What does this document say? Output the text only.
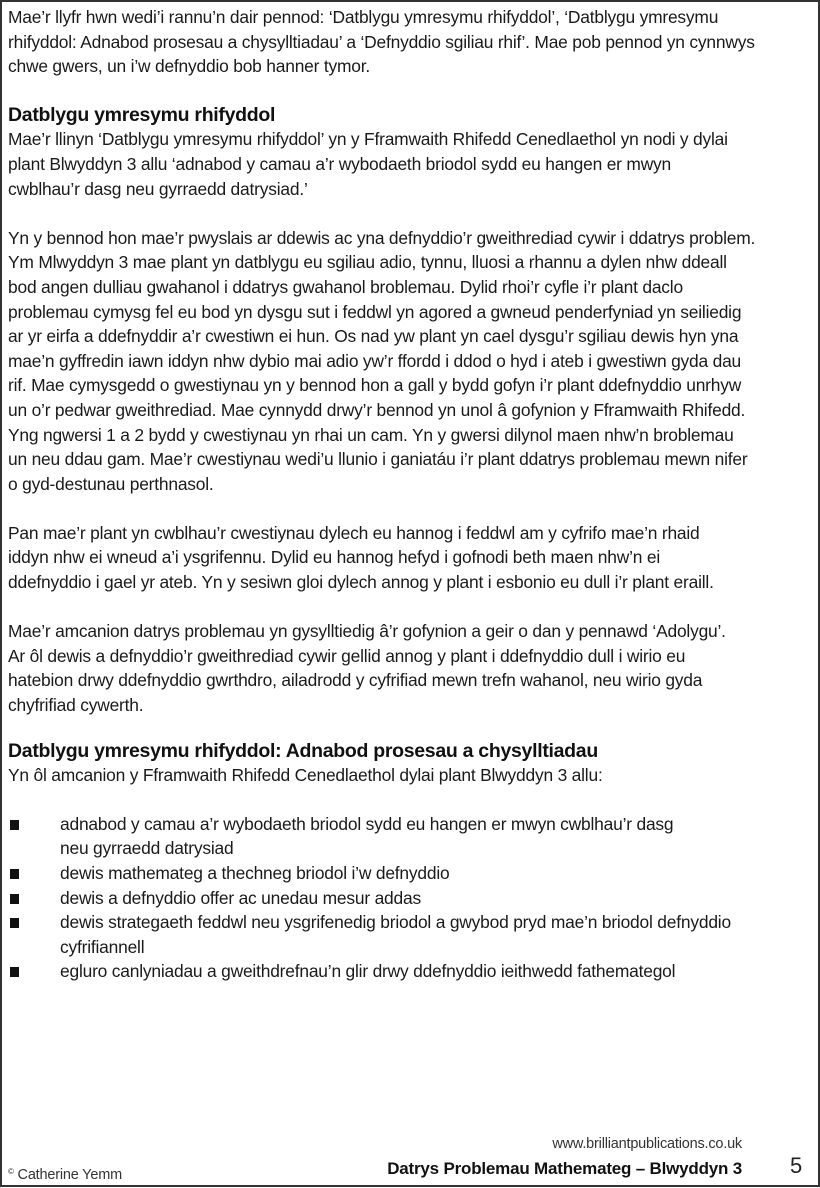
Mae’r llyfr hwn wedi’i rannu’n dair pennod: ‘Datblygu ymresymu rhifyddol’, ‘Datblygu ymresymu rhifyddol: Adnabod prosesau a chysylltiadau’ a ‘Defnyddio sgiliau rhif’. Mae pob pennod yn cynnwys chwe gwers, un i’w defnyddio bob hanner tymor.

Datblygu ymresymu rhifyddol

Mae’r llinyn ‘Datblygu ymresymu rhifyddol’ yn y Fframwaith Rhifedd Cenedlaethol yn nodi y dylai plant Blwyddyn 3 allu ‘adnabod y camau a’r wybodaeth briodol sydd eu hangen er mwyn cwblhau’r dasg neu gyrraedd datrysiad.’

Yn y bennod hon mae’r pwyslais ar ddewis ac yna defnyddio’r gweithrediad cywir i ddatrys problem. Ym Mlwyddyn 3 mae plant yn datblygu eu sgiliau adio, tynnu, lluosi a rhannu a dylen nhw ddeall bod angen dulliau gwahanol i ddatrys gwahanol broblemau. Dylid rhoi’r cyfle i’r plant daclo problemau cymysg fel eu bod yn dysgu sut i feddwl yn agored a gwneud penderfyniad yn seiliedig ar yr eirfa a ddefnyddir a’r cwestiwn ei hun. Os nad yw plant yn cael dysgu’r sgiliau dewis hyn yna mae’n gyffredin iawn iddyn nhw dybio mai adio yw’r ffordd i ddod o hyd i ateb i gwestiwn gyda dau rif. Mae cymysgedd o gwestiynau yn y bennod hon a gall y bydd gofyn i’r plant ddefnyddio unrhyw un o’r pedwar gweithrediad. Mae cynnydd drwy’r bennod yn unol â gofynion y Fframwaith Rhifedd. Yng ngwersi 1 a 2 bydd y cwestiynau yn rhai un cam. Yn y gwersi dilynol maen nhw’n broblemau un neu ddau gam. Mae’r cwestiynau wedi’u llunio i ganiatáu i’r plant ddatrys problemau mewn nifer o gyd-destunau perthnasol.

Pan mae’r plant yn cwblhau’r cwestiynau dylech eu hannog i feddwl am y cyfrifo mae’n rhaid iddyn nhw ei wneud a’i ysgrifennu. Dylid eu hannog hefyd i gofnodi beth maen nhw’n ei ddefnyddio i gael yr ateb. Yn y sesiwn gloi dylech annog y plant i esbonio eu dull i’r plant eraill.

Mae’r amcanion datrys problemau yn gysylltiedig â’r gofynion a geir o dan y pennawd ‘Adolygu’. Ar ôl dewis a defnyddio’r gweithrediad cywir gellid annog y plant i ddefnyddio dull i wirio eu hatebion drwy ddefnyddio gwrthdro, ailadrodd y cyfrifiad mewn trefn wahanol, neu wirio gyda chyfrifiad cywerth.

Datblygu ymresymu rhifyddol: Adnabod prosesau a chysylltiadau

Yn ôl amcanion y Fframwaith Rhifedd Cenedlaethol dylai plant Blwyddyn 3 allu:

adnabod y camau a’r wybodaeth briodol sydd eu hangen er mwyn cwblhau’r dasg neu gyrraedd datrysiad
dewis mathemateg a thechneg briodol i’w defnyddio
dewis a defnyddio offer ac unedau mesur addas
dewis strategaeth feddwl neu ysgrifenedig briodol a gwybod pryd mae’n briodol defnyddio cyfrifiannell
egluro canlyniadau a gweithdrefnau’n glir drwy ddefnyddio ieithwedd fathemategol
www.brilliantpublications.co.uk
© Catherine Yemm	Datrys Problemau Mathemateg – Blwyddyn 3 5
